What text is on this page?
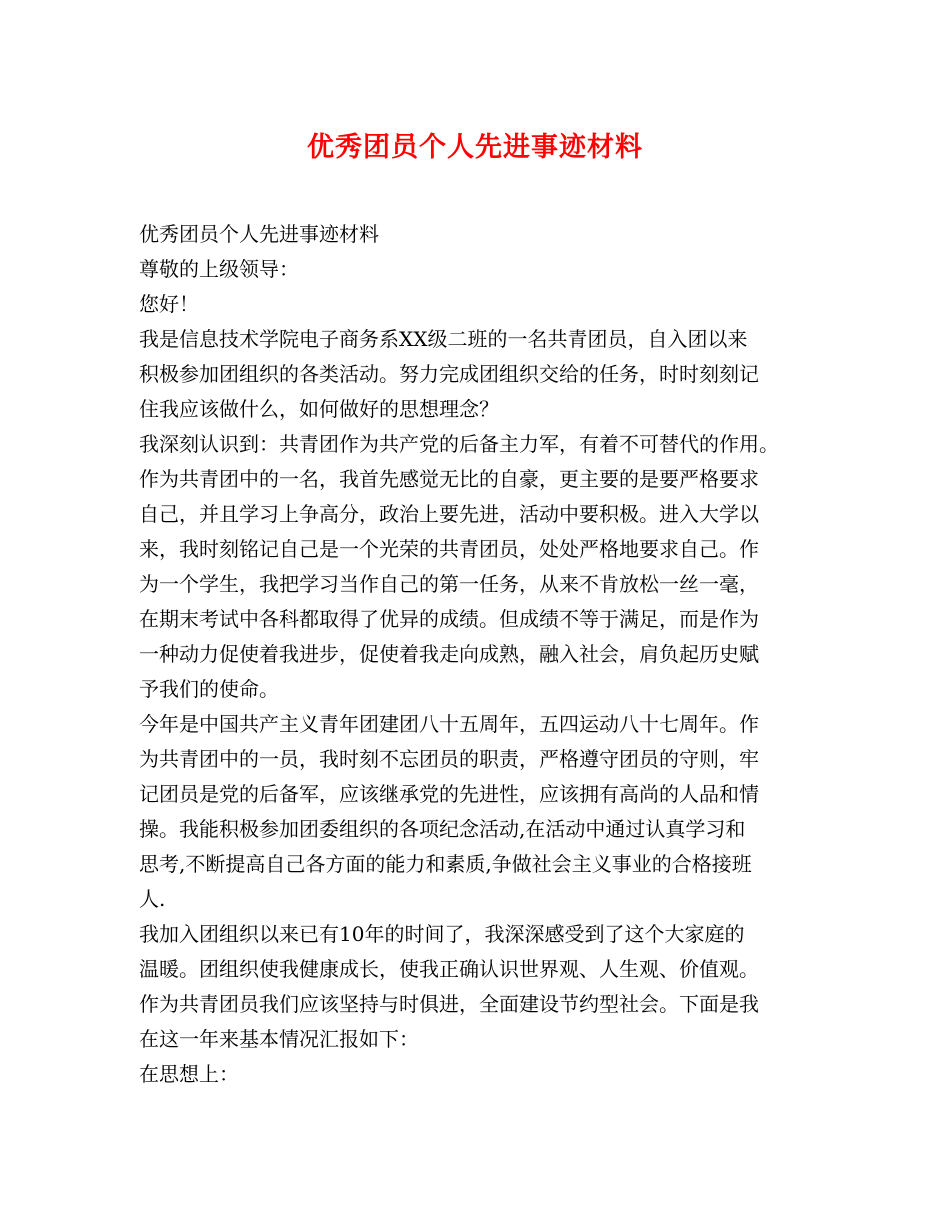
优秀团员个人先进事迹材料
优秀团员个人先进事迹材料
尊敬的上级领导：
您好！
我是信息技术学院电子商务系XX级二班的一名共青团员，自入团以来
积极参加团组织的各类活动。努力完成团组织交给的任务，时时刻刻记
住我应该做什么，如何做好的思想理念？
我深刻认识到：共青团作为共产党的后备主力军，有着不可替代的作用。
作为共青团中的一名，我首先感觉无比的自豪，更主要的是要严格要求
自己，并且学习上争高分，政治上要先进，活动中要积极。进入大学以
来，我时刻铭记自己是一个光荣的共青团员，处处严格地要求自己。作
为一个学生，我把学习当作自己的第一任务，从来不肯放松一丝一毫，
在期末考试中各科都取得了优异的成绩。但成绩不等于满足，而是作为
一种动力促使着我进步，促使着我走向成熟，融入社会，肩负起历史赋
予我们的使命。
今年是中国共产主义青年团建团八十五周年，五四运动八十七周年。作
为共青团中的一员，我时刻不忘团员的职责，严格遵守团员的守则，牢
记团员是党的后备军，应该继承党的先进性，应该拥有高尚的人品和情
操。我能积极参加团委组织的各项纪念活动,在活动中通过认真学习和
思考,不断提高自己各方面的能力和素质,争做社会主义事业的合格接班
人.
我加入团组织以来已有10年的时间了，我深深感受到了这个大家庭的
温暖。团组织使我健康成长，使我正确认识世界观、人生观、价值观。
作为共青团员我们应该坚持与时俱进，全面建设节约型社会。下面是我
在这一年来基本情况汇报如下：
在思想上：
